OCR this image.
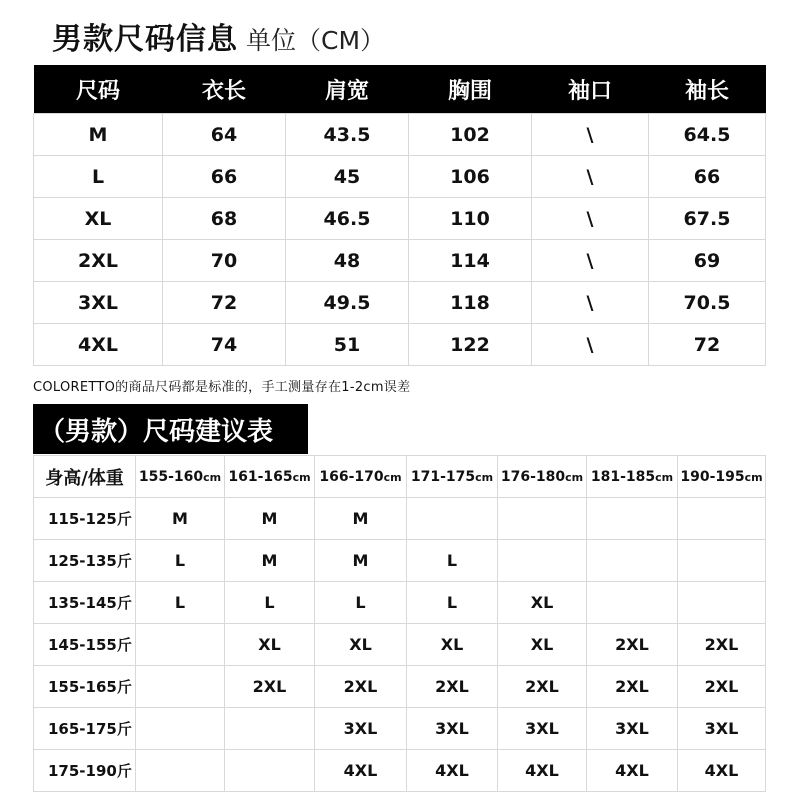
男款尺码信息 单位（CM）
尺码	衣长	肩宽	胸围	袖口	袖长
M	64	43.5	102	\	64.5
L	66	45	106	\	66
XL	68	46.5	110	\	67.5
2XL	70	48	114	\	69
3XL	72	49.5	118	\	70.5
4XL	74	51	122	\	72
COLORETTO的商品尺码都是标准的，手工测量存在1-2cm误差
（男款）尺码建议表
身高/体重	155-160cm	161-165cm	166-170cm	171-175cm	176-180cm	181-185cm	190-195cm
115-125斤	M	M	M				
125-135斤	L	M	M	L			
135-145斤	L	L	L	L	XL		
145-155斤		XL	XL	XL	XL	2XL	2XL
155-165斤		2XL	2XL	2XL	2XL	2XL	2XL
165-175斤			3XL	3XL	3XL	3XL	3XL
175-190斤			4XL	4XL	4XL	4XL	4XL
